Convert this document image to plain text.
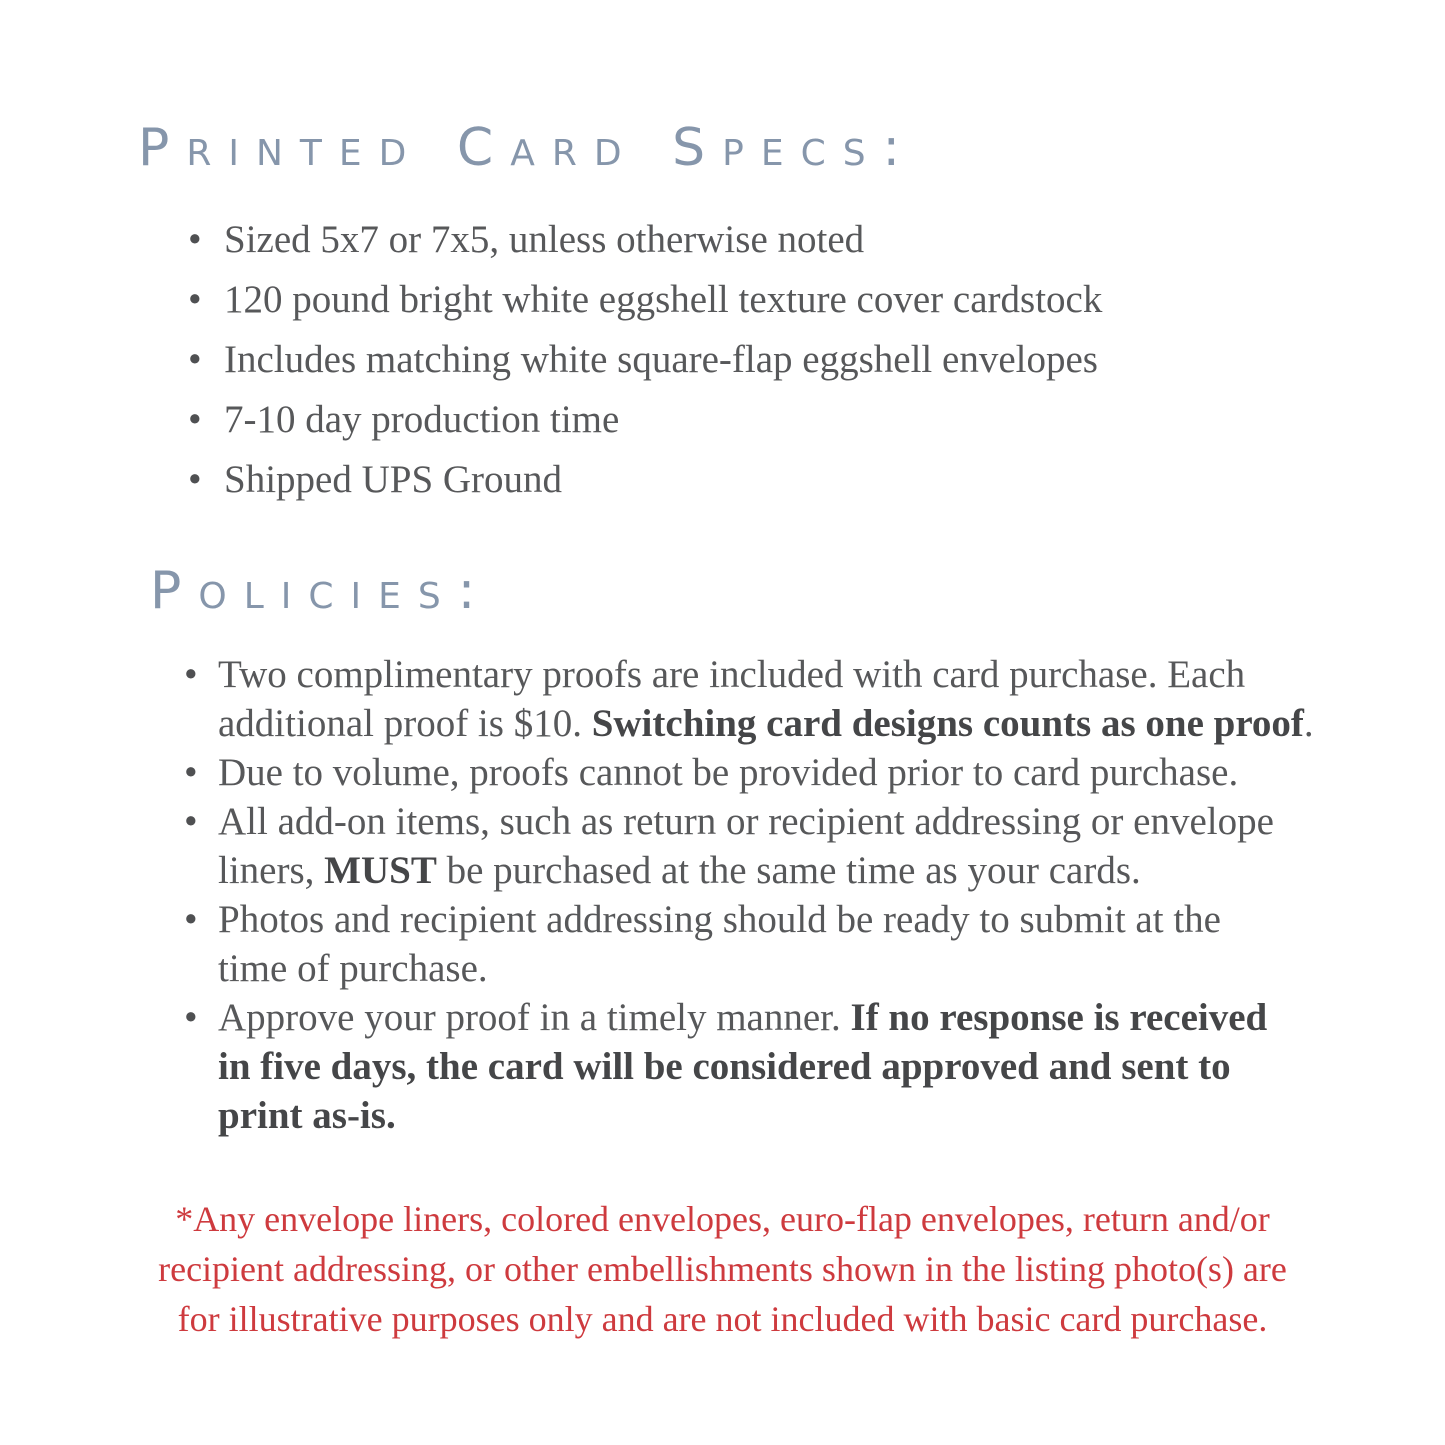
Printed Card Specs:
• Sized 5x7 or 7x5, unless otherwise noted
• 120 pound bright white eggshell texture cover cardstock
• Includes matching white square-flap eggshell envelopes
• 7-10 day production time
• Shipped UPS Ground
Policies:
• Two complimentary proofs are included with card purchase. Each
additional proof is $10. Switching card designs counts as one proof.
• Due to volume, proofs cannot be provided prior to card purchase.
• All add-on items, such as return or recipient addressing or envelope
liners, MUST be purchased at the same time as your cards.
• Photos and recipient addressing should be ready to submit at the
time of purchase.
• Approve your proof in a timely manner. If no response is received
in five days, the card will be considered approved and sent to
print as-is.
*Any envelope liners, colored envelopes, euro-flap envelopes, return and/or
recipient addressing, or other embellishments shown in the listing photo(s) are
for illustrative purposes only and are not included with basic card purchase.
